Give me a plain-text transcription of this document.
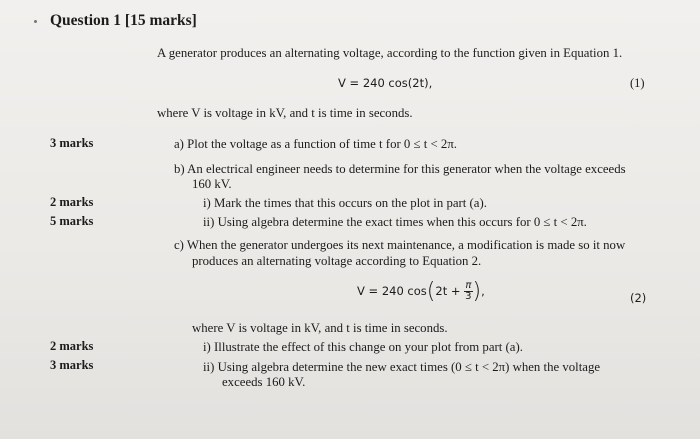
Question 1 [15 marks]
A generator produces an alternating voltage, according to the function given in Equation 1.
V = 240 cos(2t),	(1)
where V is voltage in kV, and t is time in seconds.
3 marks	a) Plot the voltage as a function of time t for 0 ≤ t < 2π.
b) An electrical engineer needs to determine for this generator when the voltage exceeds
160 kV.
2 marks	i) Mark the times that this occurs on the plot in part (a).
5 marks	ii) Using algebra determine the exact times when this occurs for 0 ≤ t < 2π.
c) When the generator undergoes its next maintenance, a modification is made so it now
produces an alternating voltage according to Equation 2.
V = 240 $\cos(2t + \frac{\pi}{3}$ ),	(2)
where V is voltage in kV, and t is time in seconds.
2 marks	i) Illustrate the effect of this change on your plot from part (a).
3 marks	ii) Using algebra determine the new exact times (0 ≤ t < 2π) when the voltage
exceeds 160 kV.
